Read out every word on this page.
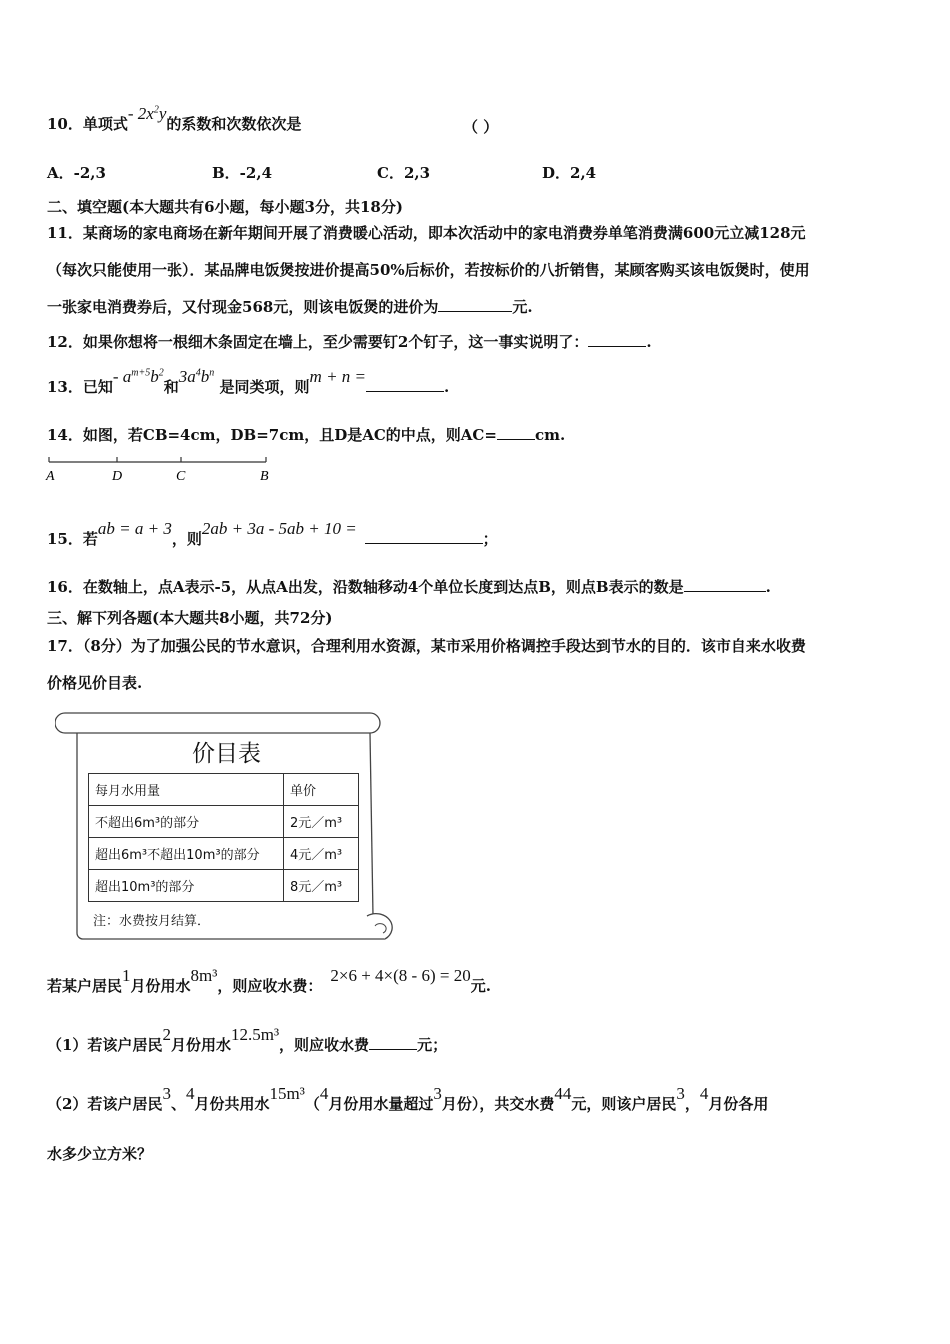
10．单项式- $2x^2y$的系数和次数依次是	（ ）
A．-2,3	B．-2,4	C．2,3	D．2,4
二、填空题(本大题共有6小题，每小题3分，共18分)
11．某商场的家电商场在新年期间开展了消费暖心活动，即本次活动中的家电消费券单笔消费满600元立减128元
（每次只能使用一张）．某品牌电饭煲按进价提高50%后标价，若按标价的八折销售，某顾客购买该电饭煲时，使用
一张家电消费券后，又付现金568元，则该电饭煲的进价为	元.
12．如果你想将一根细木条固定在墙上，至少需要钉2个钉子，这一事实说明了：	.
13．已知- $a^{m+5}b^2$和$3a^4b^n$ 是同类项，则m + n =.
14．如图，若CB=4cm，DB=7cm，且D是AC的中点，则AC=	cm.
A	D	C	B
15．若ab = a + 3，则2ab + 3a - 5ab + 10 =；
16．在数轴上，点A表示-5，从点A出发，沿数轴移动4个单位长度到达点B，则点B表示的数是	.
三、解下列各题(本大题共8小题，共72分)
17．（8分）为了加强公民的节水意识，合理利用水资源，某市采用价格调控手段达到节水的目的．该市自来水收费
价格见价目表.
价目表
每月水用量	单价
不超出6m³的部分	2元／m³
超出6m³不超出10m³的部分	4元／m³
超出10m³的部分	8元／m³
注：水费按月结算．
若某户居民1月份用水8m³，则应收水费：2×6 + 4×(8 - 6) = 20元.
（1）若该户居民2月份用水12.5m³，则应收水费	元；
（2）若该户居民3、4月份共用水15m³（4月份用水量超过3月份），共交水费44元，则该户居民3，4月份各用
水多少立方米？
